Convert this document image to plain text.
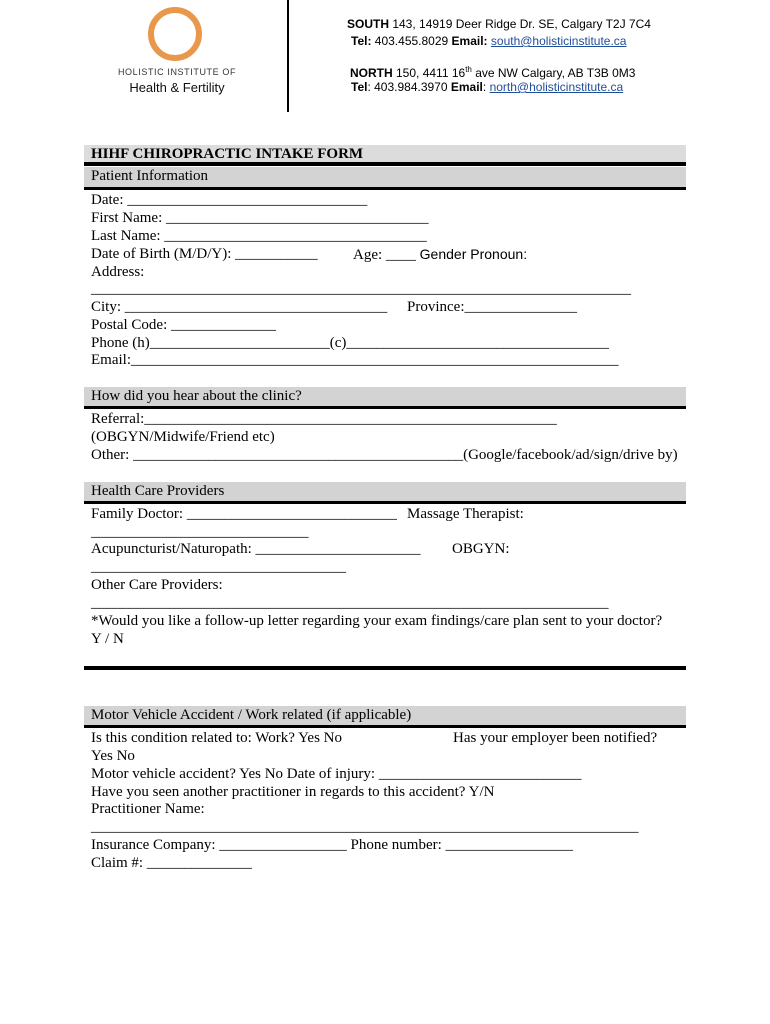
HOLISTIC INSTITUTE OF
Health & Fertility
SOUTH 143, 14919 Deer Ridge Dr. SE, Calgary T2J 7C4
Tel: 403.455.8029 Email: south@holisticinstitute.ca
NORTH 150, 4411 16th ave NW Calgary, AB T3B 0M3
Tel: 403.984.3970 Email: north@holisticinstitute.ca
HIHF CHIROPRACTIC INTAKE FORM
Patient Information
Date: ________________________________
First Name: ___________________________________
Last Name: ___________________________________
Date of Birth (M/D/Y): ___________ Age: ____ Gender Pronoun:
Address:
________________________________________________________________________
City: ___________________________________ Province:_______________
Postal Code: ______________
Phone (h)________________________(c)___________________________________
Email:_________________________________________________________________
How did you hear about the clinic?
Referral:_______________________________________________________
(OBGYN/Midwife/Friend etc)
Other: ____________________________________________(Google/facebook/ad/sign/drive by)
Health Care Providers
Family Doctor: ____________________________ Massage Therapist:
_____________________________
Acupuncturist/Naturopath: ______________________ OBGYN:
__________________________________
Other Care Providers:
_____________________________________________________________________
*Would you like a follow-up letter regarding your exam findings/care plan sent to your doctor?
Y / N
Motor Vehicle Accident / Work related (if applicable)
Is this condition related to: Work? Yes No	Has your employer been notified?
Yes No
Motor vehicle accident? Yes No Date of injury: ___________________________
Have you seen another practitioner in regards to this accident? Y/N
Practitioner Name:
_________________________________________________________________________
Insurance Company: _________________ Phone number: _________________
Claim #: ______________
